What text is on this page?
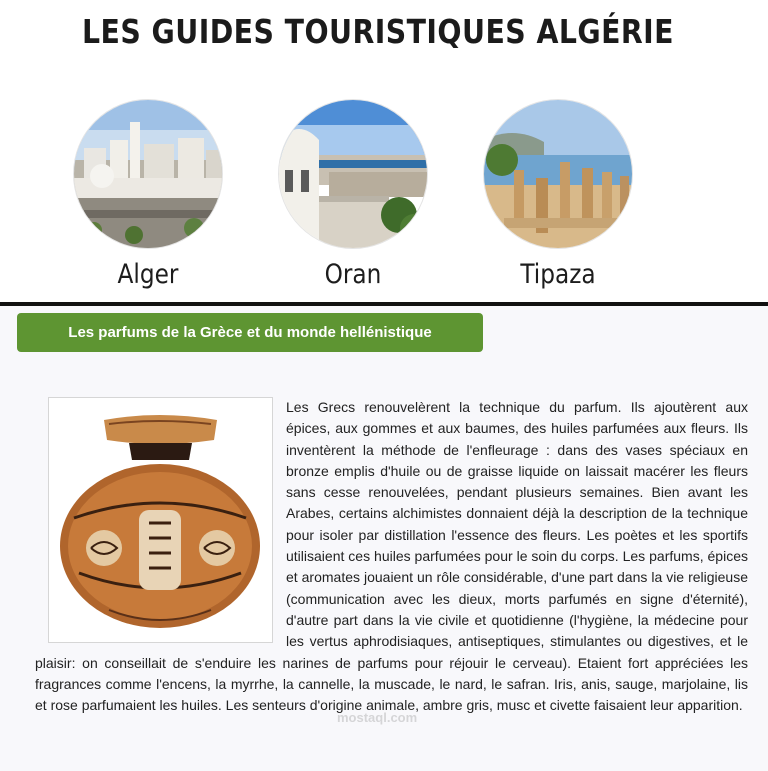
LES GUIDES TOURISTIQUES ALGÉRIE
Alger	Oran	Tipaza
Les parfums de la Grèce et du monde hellénistique
Les Grecs renouvelèrent la technique du parfum. Ils ajoutèrent aux épices, aux gommes et aux baumes, des huiles parfumées aux fleurs. Ils inventèrent la méthode de l'enfleurage : dans des vases spéciaux en bronze emplis d'huile ou de graisse liquide on laissait macérer les fleurs sans cesse renouvelées, pendant plusieurs semaines. Bien avant les Arabes, certains alchimistes donnaient déjà la description de la technique pour isoler par distillation l'essence des fleurs. Les poètes et les sportifs utilisaient ces huiles parfumées pour le soin du corps. Les parfums, épices et aromates jouaient un rôle considérable, d'une part dans la vie religieuse (communication avec les dieux, morts parfumés en signe d'éternité), d'autre part dans la vie civile et quotidienne (l'hygiène, la médecine pour les vertus aphrodisiaques, antiseptiques, stimulantes ou digestives, et le plaisir: on conseillait de s'enduire les narines de parfums pour réjouir le cerveau). Etaient fort appréciées les fragrances comme l'encens, la myrrhe, la cannelle, la muscade, le nard, le safran. Iris, anis, sauge, marjolaine, lis et rose parfumaient les huiles. Les senteurs d'origine animale, ambre gris, musc et civette faisaient leur apparition.
mostaql.com
